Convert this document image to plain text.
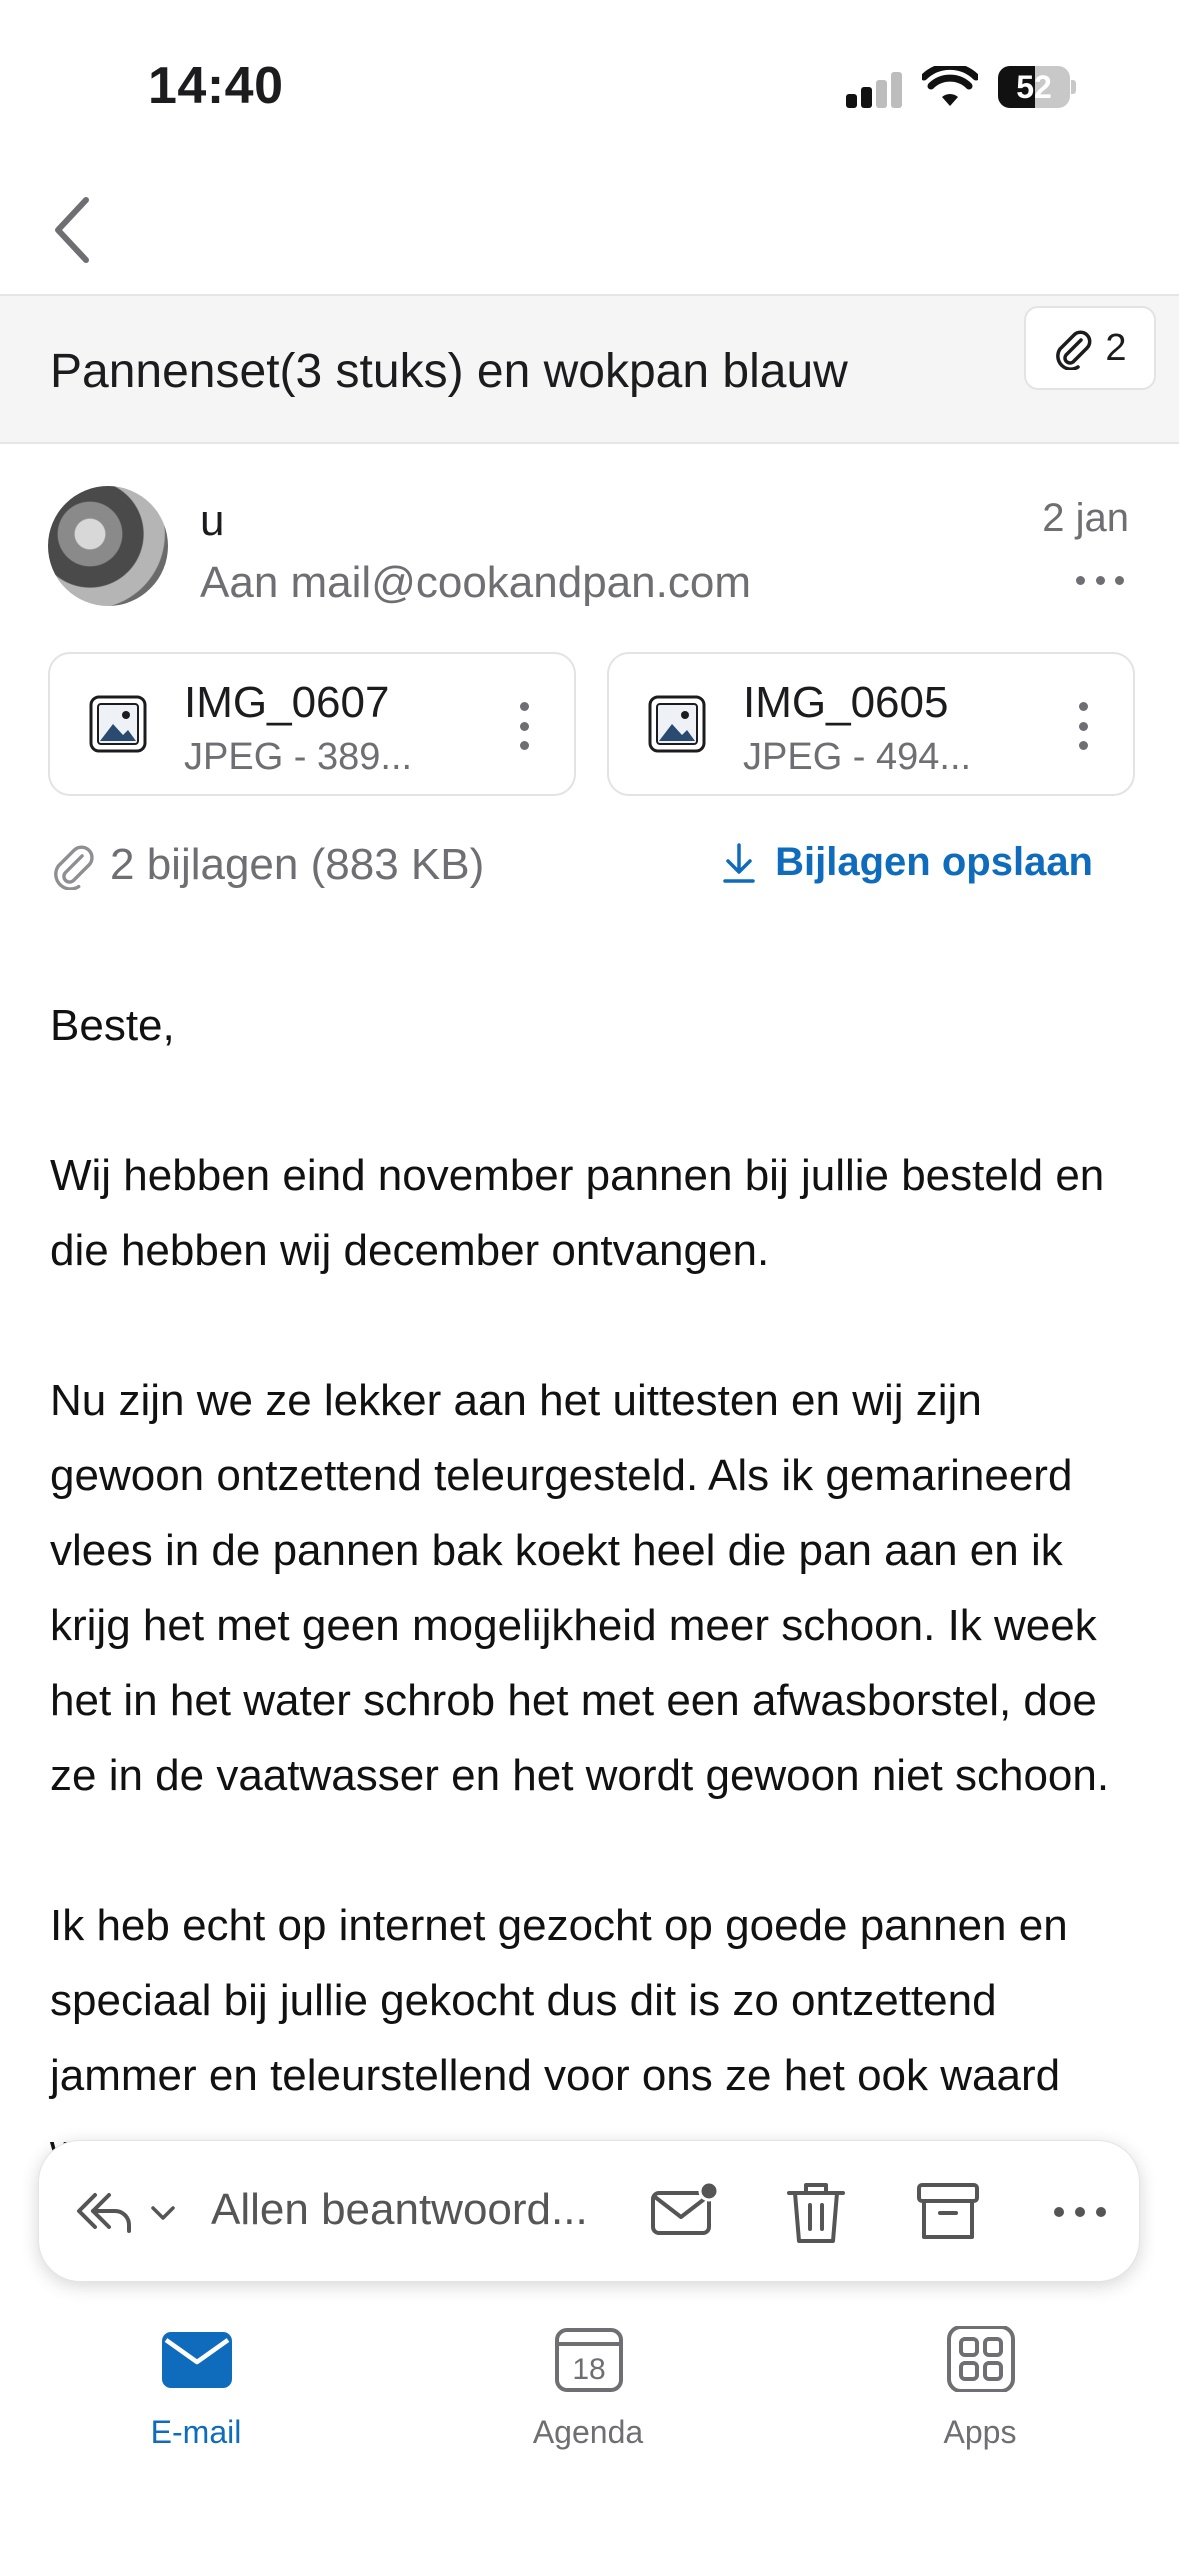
14:40	52
Pannenset(3 stuks) en wokpan blauw	2
u
Aan mail@cookandpan.com
2 jan
IMG_0607
JPEG - 389...
IMG_0605
JPEG - 494...
2 bijlagen (883 KB)	Bijlagen opslaan

Beste,

Wij hebben eind november pannen bij jullie besteld en die hebben wij december ontvangen.

Nu zijn we ze lekker aan het uittesten en wij zijn gewoon ontzettend teleurgesteld. Als ik gemarineerd vlees in de pannen bak koekt heel die pan aan en ik krijg het met geen mogelijkheid meer schoon. Ik week het in het water schrob het met een afwasborstel, doe ze in de vaatwasser en het wordt gewoon niet schoon.

Ik heb echt op internet gezocht op goede pannen en speciaal bij jullie gekocht dus dit is zo ontzettend jammer en teleurstellend voor ons ze het ook waard

Allen beantwoord...
E-mail
18
Agenda	Apps
